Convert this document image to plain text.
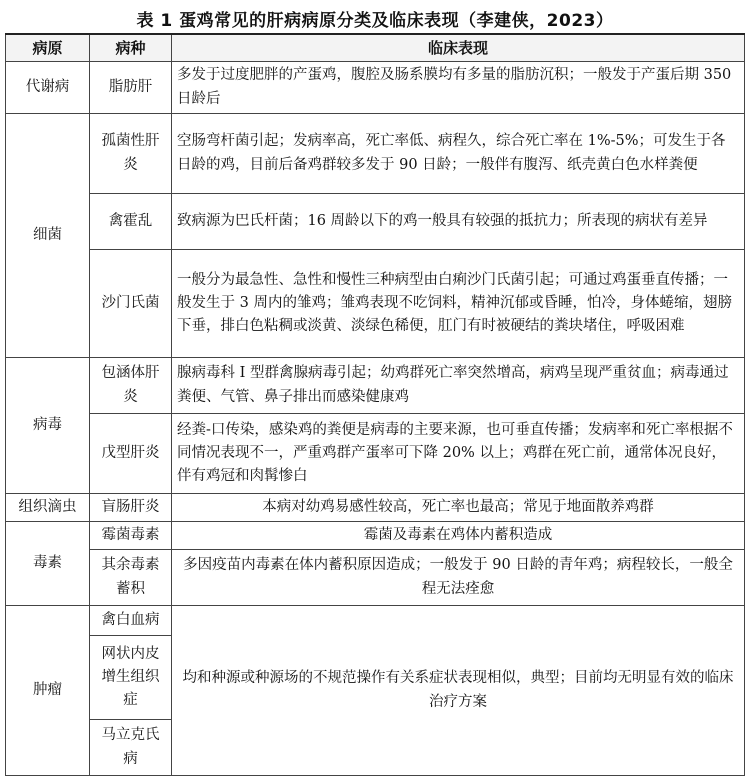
表 1 蛋鸡常见的肝病病原分类及临床表现（李建侠，2023）
病原	病种	临床表现
代谢病	脂肪肝	多发于过度肥胖的产蛋鸡，腹腔及肠系膜均有多量的脂肪沉积；一般发于产蛋后期 350 日龄后
细菌	孤菌性肝炎	空肠弯杆菌引起；发病率高，死亡率低、病程久，综合死亡率在 1%-5%；可发生于各日龄的鸡，目前后备鸡群较多发于 90 日龄；一般伴有腹泻、纸壳黄白色水样粪便
	禽霍乱	致病源为巴氏杆菌；16 周龄以下的鸡一般具有较强的抵抗力；所表现的病状有差异
	沙门氏菌	一般分为最急性、急性和慢性三种病型由白痢沙门氏菌引起；可通过鸡蛋垂直传播；一般发生于 3 周内的雏鸡；雏鸡表现不吃饲料，精神沉郁或昏睡，怕冷，身体蜷缩，翅膀下垂，排白色粘稠或淡黄、淡绿色稀便，肛门有时被硬结的粪块堵住，呼吸困难
病毒	包涵体肝炎	腺病毒科 I 型群禽腺病毒引起；幼鸡群死亡率突然增高，病鸡呈现严重贫血；病毒通过粪便、气管、鼻子排出而感染健康鸡
	戊型肝炎	经粪-口传染，感染鸡的粪便是病毒的主要来源，也可垂直传播；发病率和死亡率根据不同情况表现不一，严重鸡群产蛋率可下降 20% 以上；鸡群在死亡前，通常体况良好，伴有鸡冠和肉髯惨白
组织滴虫	盲肠肝炎	本病对幼鸡易感性较高，死亡率也最高；常见于地面散养鸡群
毒素	霉菌毒素	霉菌及毒素在鸡体内蓄积造成
	其余毒素蓄积	多因疫苗内毒素在体内蓄积原因造成；一般发于 90 日龄的青年鸡；病程较长，一般全程无法痊愈
肿瘤	禽白血病	均和种源或种源场的不规范操作有关系症状表现相似，典型；目前均无明显有效的临床治疗方案
	网状内皮增生组织症	
	马立克氏病	
